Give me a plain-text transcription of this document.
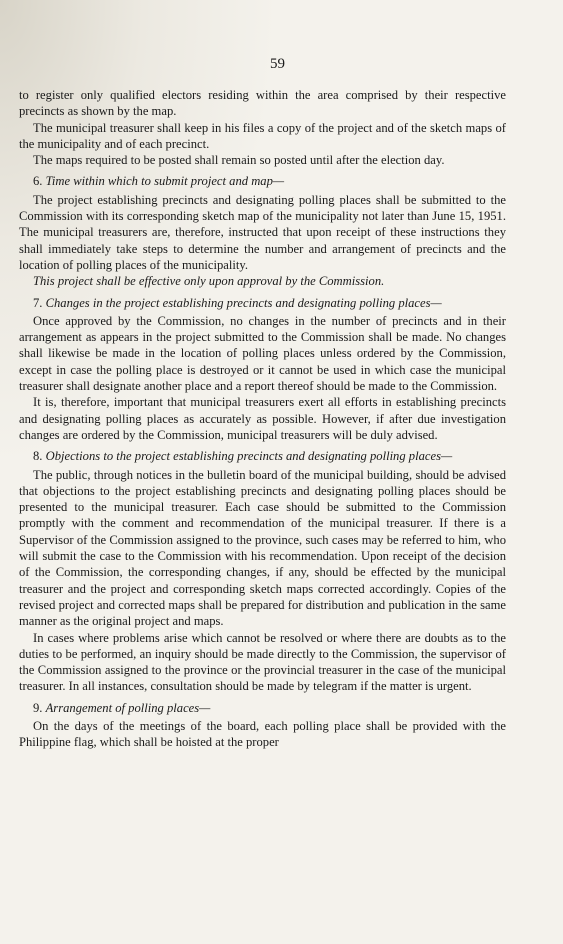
59

to register only qualified electors residing within the area comprised by their respective precincts as shown by the map.

The municipal treasurer shall keep in his files a copy of the project and of the sketch maps of the municipality and of each precinct.

The maps required to be posted shall remain so posted until after the election day.

6. Time within which to submit project and map—

The project establishing precincts and designating polling places shall be submitted to the Commission with its corresponding sketch map of the municipality not later than June 15, 1951. The municipal treasurers are, therefore, instructed that upon receipt of these instructions they shall immediately take steps to determine the number and arrangement of precincts and the location of polling places of the municipality.

This project shall be effective only upon approval by the Commission.

7. Changes in the project establishing precincts and designating polling places—

Once approved by the Commission, no changes in the number of precincts and in their arrangement as appears in the project submitted to the Commission shall be made. No changes shall likewise be made in the location of polling places unless ordered by the Commission, except in case the polling place is destroyed or it cannot be used in which case the municipal treasurer shall designate another place and a report thereof should be made to the Commission.

It is, therefore, important that municipal treasurers exert all efforts in establishing precincts and designating polling places as accurately as possible. However, if after due investigation changes are ordered by the Commission, municipal treasurers will be duly advised.

8. Objections to the project establishing precincts and designating polling places—

The public, through notices in the bulletin board of the municipal building, should be advised that objections to the project establishing precincts and designating polling places should be presented to the municipal treasurer. Each case should be submitted to the Commission promptly with the comment and recommendation of the municipal treasurer. If there is a Supervisor of the Commission assigned to the province, such cases may be referred to him, who will submit the case to the Commission with his recommendation. Upon receipt of the decision of the Commission, the corresponding changes, if any, should be effected by the municipal treasurer and the project and corresponding sketch maps corrected accordingly. Copies of the revised project and corrected maps shall be prepared for distribution and publication in the same manner as the original project and maps.

In cases where problems arise which cannot be resolved or where there are doubts as to the duties to be performed, an inquiry should be made directly to the Commission, the supervisor of the Commission assigned to the province or the provincial treasurer in the case of the municipal treasurer. In all instances, consultation should be made by telegram if the matter is urgent.

9. Arrangement of polling places—

On the days of the meetings of the board, each polling place shall be provided with the Philippine flag, which shall be hoisted at the proper
